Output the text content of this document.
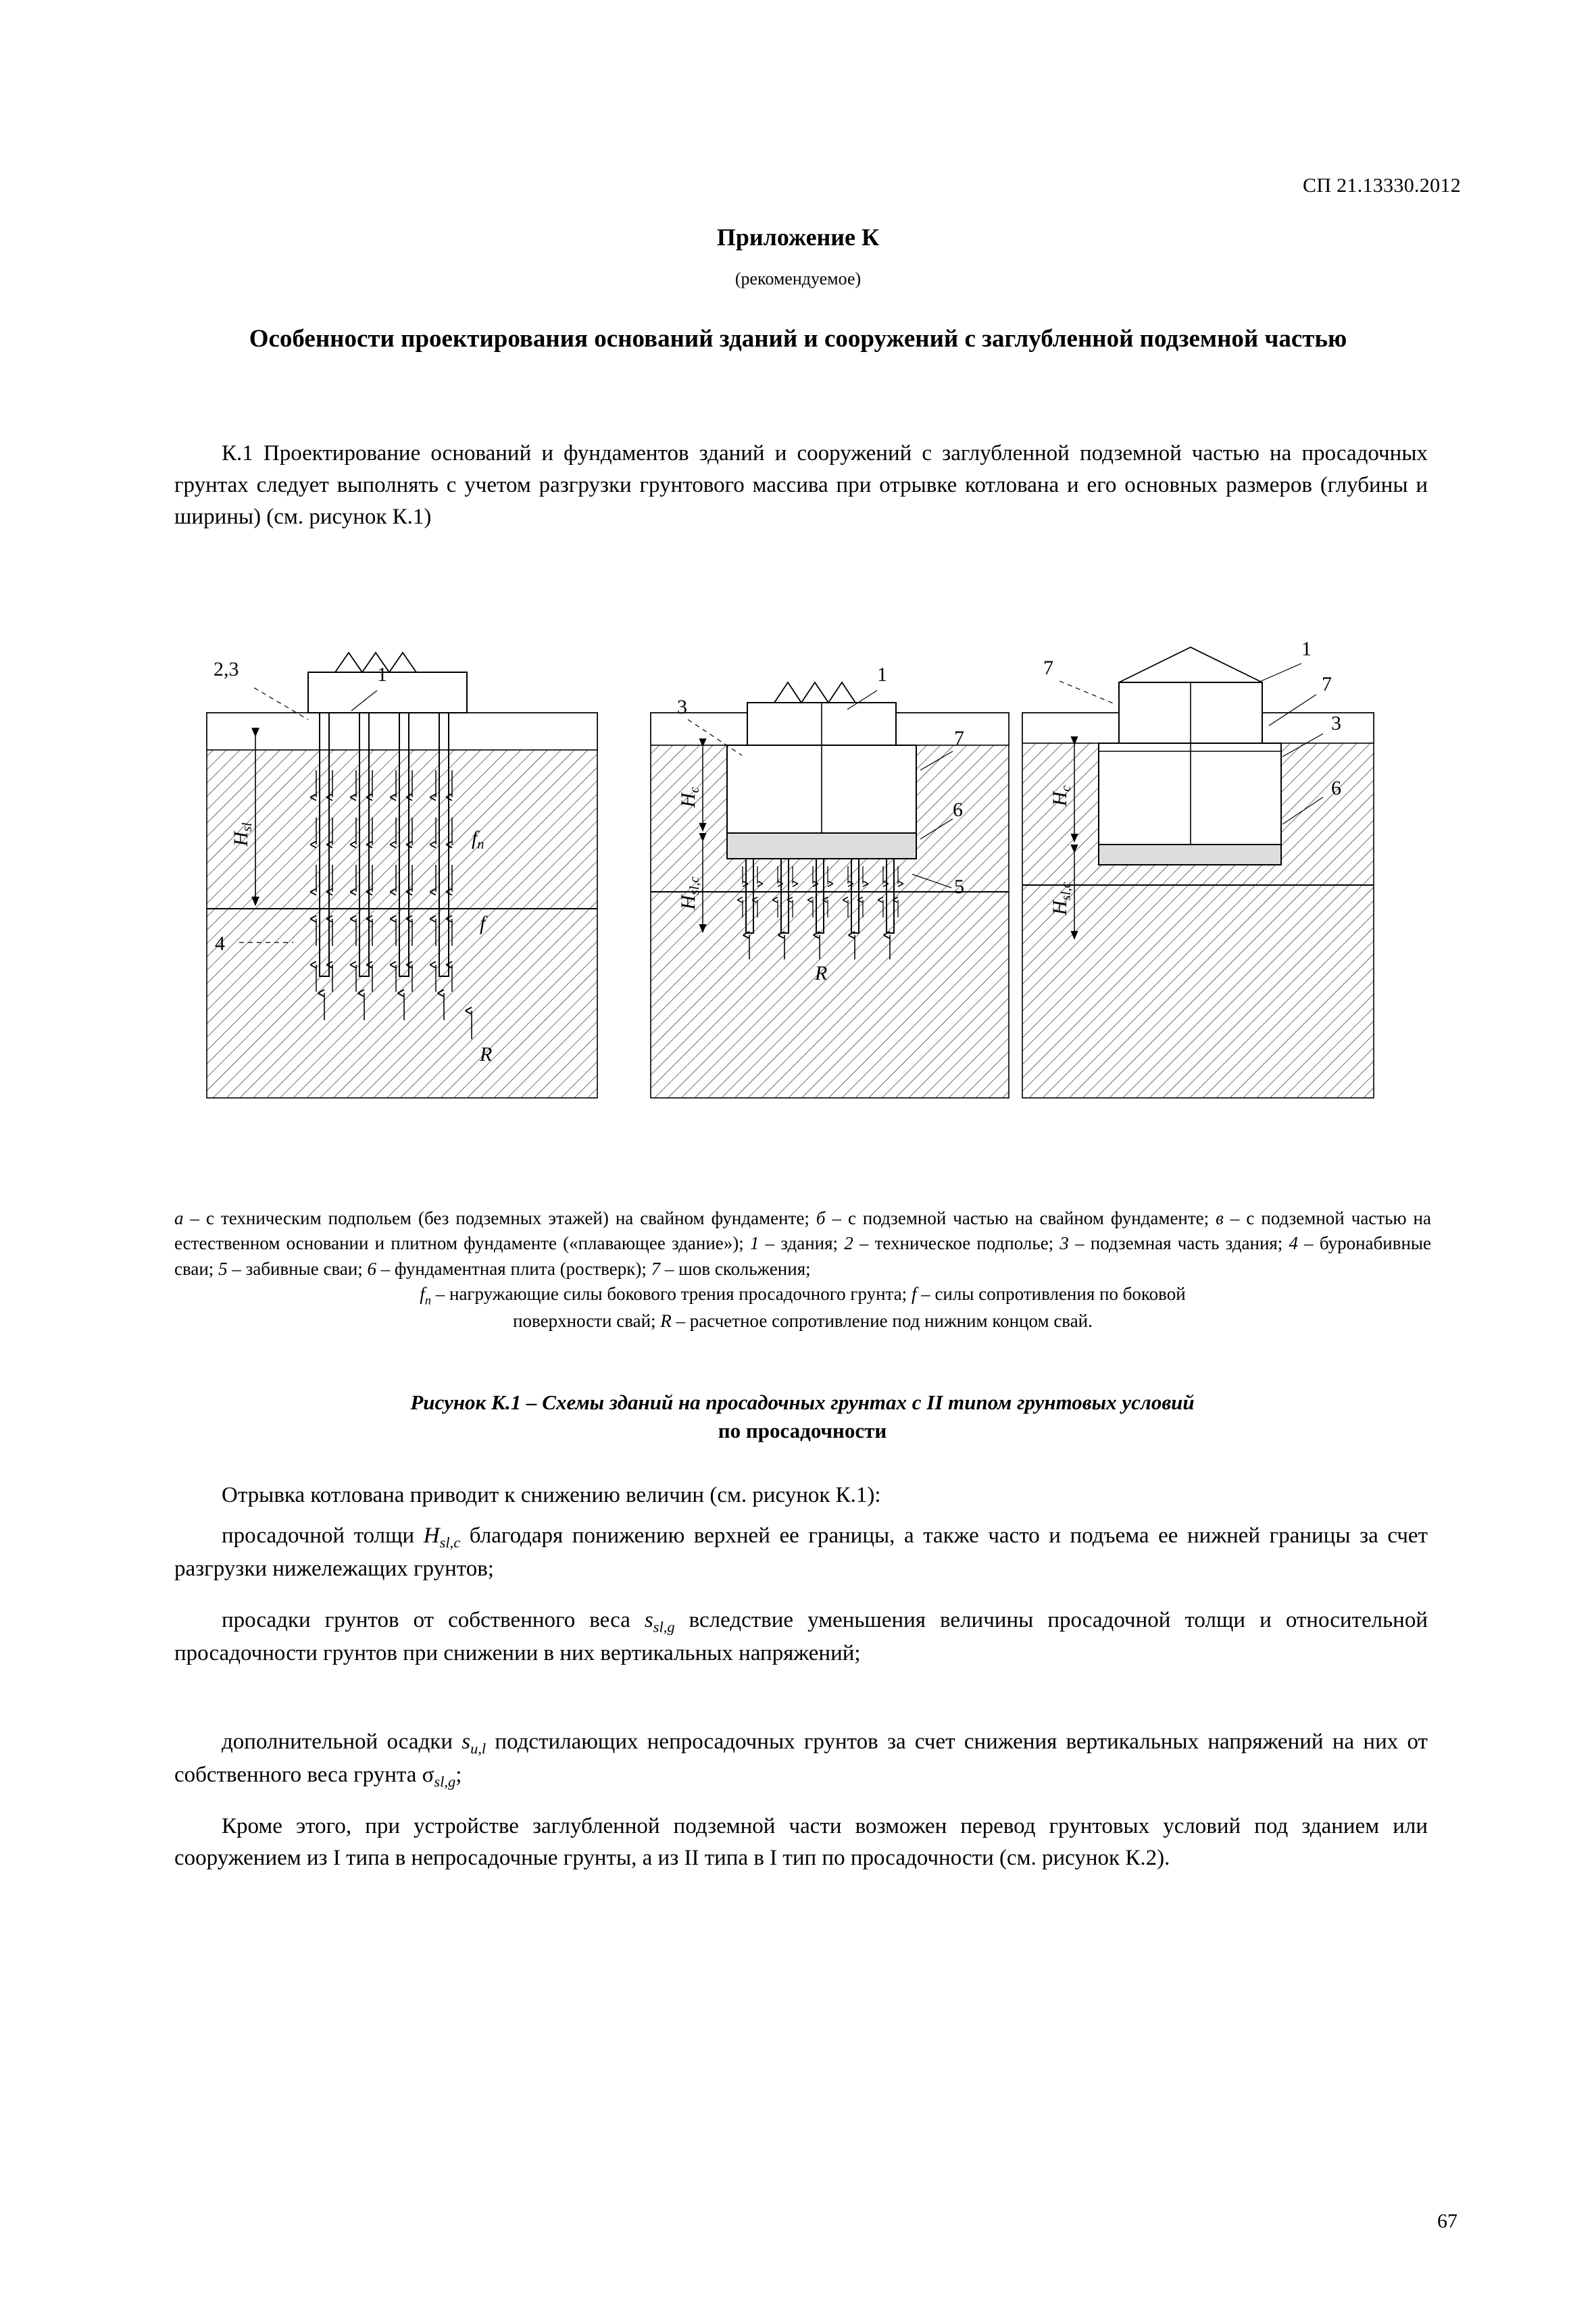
СП 21.13330.2012
Приложение К
(рекомендуемое)
Особенности проектирования оснований зданий и сооружений с заглубленной подземной частью
К.1 Проектирование оснований и фундаментов зданий и сооружений с заглубленной подземной частью на просадочных грунтах следует выполнять с учетом разгрузки грунтового массива при отрывке котлована и его основных размеров (глубины и ширины) (см. рисунок К.1)
2,3	1
4
3
1
7
6
5
1
7
7
3
6
$H_{sl}$
$H_c$
$H_{sl,c}$
$H_c$
$H_{sl,c}$
$f_n$
f
R
R
а – с техническим подпольем (без подземных этажей) на свайном фундаменте; б – с подземной частью на свайном фундаменте; в – с подземной частью на естественном основании и плитном фундаменте («плавающее здание»); 1 – здания; 2 – техническое подполье; 3 – подземная часть здания; 4 – буронабивные сваи; 5 – забивные сваи; 6 – фундаментная плита (ростверк); 7 – шов скольжения;
$f_n$ – нагружающие силы бокового трения просадочного грунта; f – силы сопротивления по боковой
поверхности свай; R – расчетное сопротивление под нижним концом свай.
Рисунок К.1 – Схемы зданий на просадочных грунтах с II типом грунтовых условий
по просадочности
Отрывка котлована приводит к снижению величин (см. рисунок К.1):
просадочной толщи $H_{sl,c}$ благодаря понижению верхней ее границы, а также часто и подъема ее нижней границы за счет разгрузки нижележащих грунтов;
просадки грунтов от собственного веса $s_{sl,g}$ вследствие уменьшения величины просадочной толщи и относительной просадочности грунтов при снижении в них вертикальных напряжений;
дополнительной осадки $s_{u,l}$ подстилающих непросадочных грунтов за счет снижения вертикальных напряжений на них от собственного веса грунта $\sigma_{sl,g}$;
Кроме этого, при устройстве заглубленной подземной части возможен перевод грунтовых условий под зданием или сооружением из I типа в непросадочные грунты, а из II типа в I тип по просадочности (см. рисунок К.2).
67
